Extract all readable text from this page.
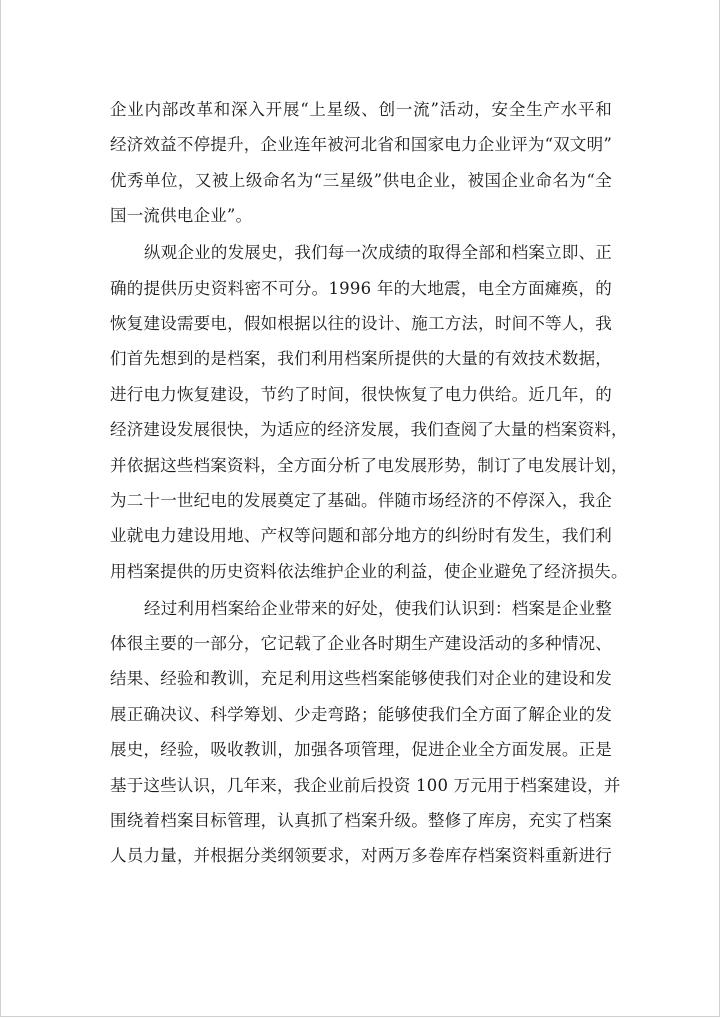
企业内部改革和深入开展“上星级、创一流”活动，安全生产水平和
经济效益不停提升，企业连年被河北省和国家电力企业评为“双文明”
优秀单位，又被上级命名为“三星级”供电企业，被国企业命名为“全
国一流供电企业”。
纵观企业的发展史，我们每一次成绩的取得全部和档案立即、正
确的提供历史资料密不可分。1996 年的大地震，电全方面瘫痪，的
恢复建设需要电，假如根据以往的设计、施工方法，时间不等人，我
们首先想到的是档案，我们利用档案所提供的大量的有效技术数据，
进行电力恢复建设，节约了时间，很快恢复了电力供给。近几年，的
经济建设发展很快，为适应的经济发展，我们查阅了大量的档案资料，
并依据这些档案资料，全方面分析了电发展形势，制订了电发展计划，
为二十一世纪电的发展奠定了基础。伴随市场经济的不停深入，我企
业就电力建设用地、产权等问题和部分地方的纠纷时有发生，我们利
用档案提供的历史资料依法维护企业的利益，使企业避免了经济损失。
经过利用档案给企业带来的好处，使我们认识到：档案是企业整
体很主要的一部分，它记载了企业各时期生产建设活动的多种情况、
结果、经验和教训，充足利用这些档案能够使我们对企业的建设和发
展正确决议、科学筹划、少走弯路；能够使我们全方面了解企业的发
展史，经验，吸收教训，加强各项管理，促进企业全方面发展。正是
基于这些认识，几年来，我企业前后投资 100 万元用于档案建设，并
围绕着档案目标管理，认真抓了档案升级。整修了库房，充实了档案
人员力量，并根据分类纲领要求，对两万多卷库存档案资料重新进行
